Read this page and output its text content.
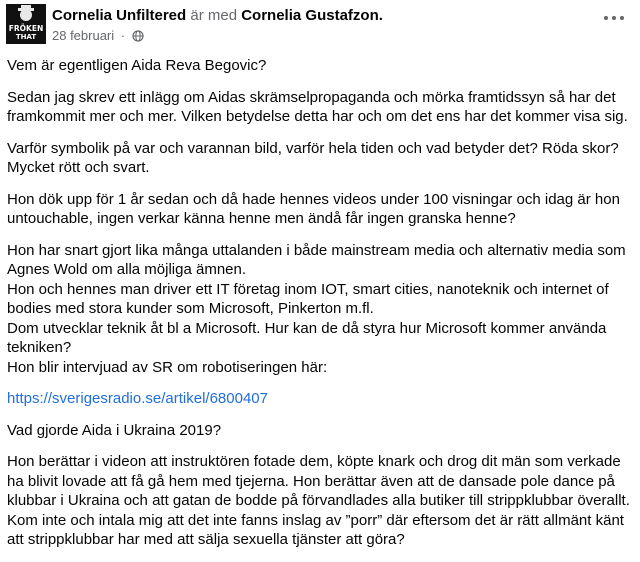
FRÖKEN
THAT
Cornelia Unfiltered är med Cornelia Gustafzon.
28 februari ·

Vem är egentligen Aida Reva Begovic?

Sedan jag skrev ett inlägg om Aidas skrämselpropaganda och mörka framtidssyn så har det framkommit mer och mer. Vilken betydelse detta har och om det ens har det kommer visa sig.

Varför symbolik på var och varannan bild, varför hela tiden och vad betyder det? Röda skor? Mycket rött och svart.

Hon dök upp för 1 år sedan och då hade hennes videos under 100 visningar och idag är hon untouchable, ingen verkar känna henne men ändå får ingen granska henne?

Hon har snart gjort lika många uttalanden i både mainstream media och alternativ media som Agnes Wold om alla möjliga ämnen.
Hon och hennes man driver ett IT företag inom IOT, smart cities, nanoteknik och internet of bodies med stora kunder som Microsoft, Pinkerton m.fl.
Dom utvecklar teknik åt bl a Microsoft. Hur kan de då styra hur Microsoft kommer använda tekniken?
Hon blir intervjuad av SR om robotiseringen här:

https://sverigesradio.se/artikel/6800407

Vad gjorde Aida i Ukraina 2019?

Hon berättar i videon att instruktören fotade dem, köpte knark och drog dit män som verkade ha blivit lovade att få gå hem med tjejerna. Hon berättar även att de dansade pole dance på klubbar i Ukraina och att gatan de bodde på förvandlades alla butiker till strippklubbar överallt. Kom inte och intala mig att det inte fanns inslag av ”porr” där eftersom det är rätt allmänt känt att strippklubbar har med att sälja sexuella tjänster att göra?
